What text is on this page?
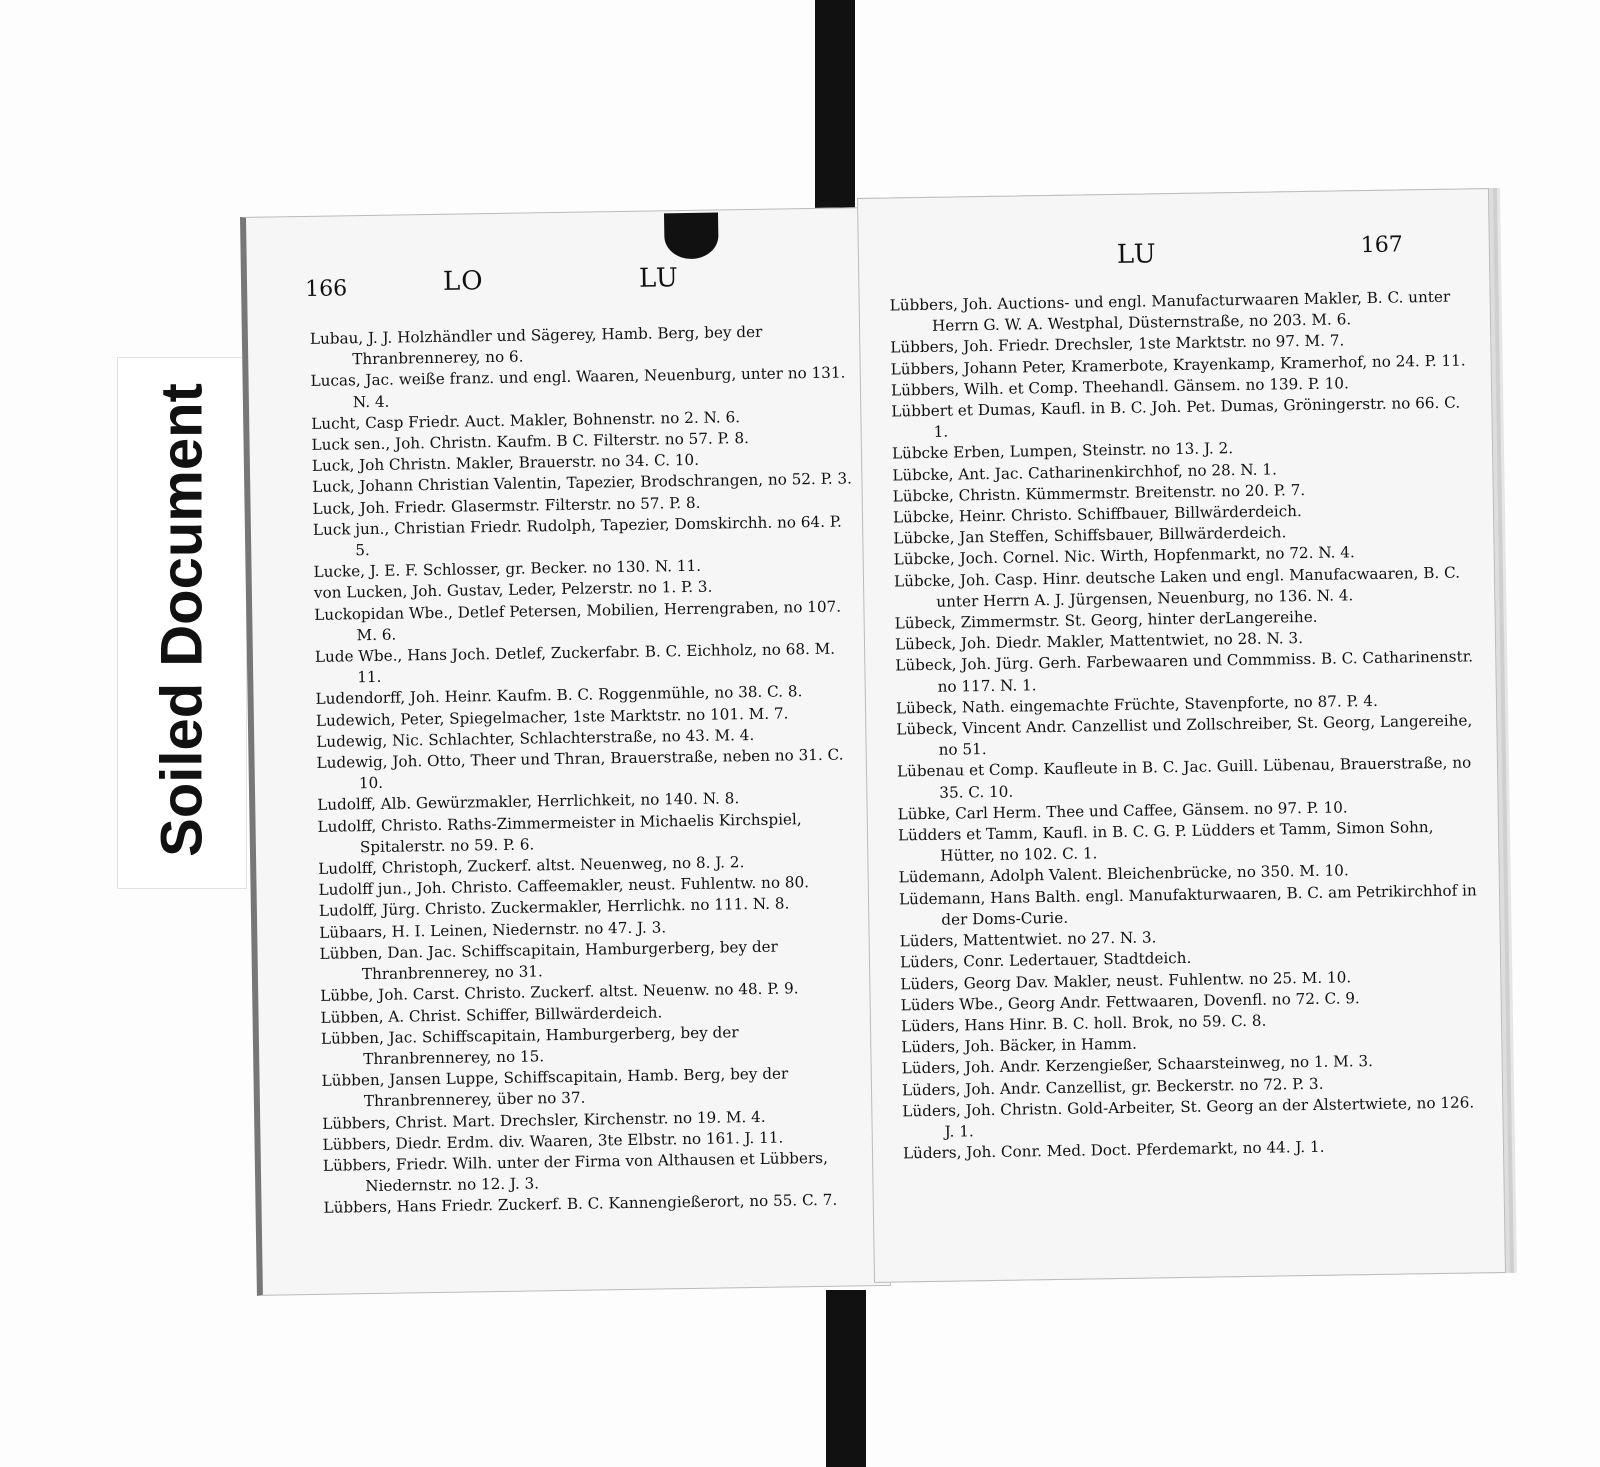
Soiled Document
166	LO	LU
Lubau, J. J. Holzhändler und Sägerey, Hamb. Berg, bey der Thranbrennerey, no 6.
Lucas, Jac. weiße franz. und engl. Waaren, Neuenburg, unter no 131. N. 4.
Lucht, Casp Friedr. Auct. Makler, Bohnenstr. no 2. N. 6.
Luck sen., Joh. Christn. Kaufm. B C. Filterstr. no 57. P. 8.
Luck, Joh Christn. Makler, Brauerstr. no 34. C. 10.
Luck, Johann Christian Valentin, Tapezier, Brodschrangen, no 52. P. 3.
Luck, Joh. Friedr. Glasermstr. Filterstr. no 57. P. 8.
Luck jun., Christian Friedr. Rudolph, Tapezier, Domskirchh. no 64. P. 5.
Lucke, J. E. F. Schlosser, gr. Becker. no 130. N. 11.
von Lucken, Joh. Gustav, Leder, Pelzerstr. no 1. P. 3.
Luckopidan Wbe., Detlef Petersen, Mobilien, Herrengraben, no 107. M. 6.
Lude Wbe., Hans Joch. Detlef, Zuckerfabr. B. C. Eichholz, no 68. M. 11.
Ludendorff, Joh. Heinr. Kaufm. B. C. Roggenmühle, no 38. C. 8.
Ludewich, Peter, Spiegelmacher, 1ste Marktstr. no 101. M. 7.
Ludewig, Nic. Schlachter, Schlachterstraße, no 43. M. 4.
Ludewig, Joh. Otto, Theer und Thran, Brauerstraße, neben no 31. C. 10.
Ludolff, Alb. Gewürzmakler, Herrlichkeit, no 140. N. 8.
Ludolff, Christo. Raths-Zimmermeister in Michaelis Kirchspiel, Spitalerstr. no 59. P. 6.
Ludolff, Christoph, Zuckerf. altst. Neuenweg, no 8. J. 2.
Ludolff jun., Joh. Christo. Caffeemakler, neust. Fuhlentw. no 80.
Ludolff, Jürg. Christo. Zuckermakler, Herrlichk. no 111. N. 8.
Lübaars, H. I. Leinen, Niedernstr. no 47. J. 3.
Lübben, Dan. Jac. Schiffscapitain, Hamburgerberg, bey der Thranbrennerey, no 31.
Lübbe, Joh. Carst. Christo. Zuckerf. altst. Neuenw. no 48. P. 9.
Lübben, A. Christ. Schiffer, Billwärderdeich.
Lübben, Jac. Schiffscapitain, Hamburgerberg, bey der Thranbrennerey, no 15.
Lübben, Jansen Luppe, Schiffscapitain, Hamb. Berg, bey der Thranbrennerey, über no 37.
Lübbers, Christ. Mart. Drechsler, Kirchenstr. no 19. M. 4.
Lübbers, Diedr. Erdm. div. Waaren, 3te Elbstr. no 161. J. 11.
Lübbers, Friedr. Wilh. unter der Firma von Althausen et Lübbers, Niedernstr. no 12. J. 3.
Lübbers, Hans Friedr. Zuckerf. B. C. Kannengießerort, no 55. C. 7.
LU	167
Lübbers, Joh. Auctions- und engl. Manufacturwaaren Makler, B. C. unter Herrn G. W. A. Westphal, Düsternstraße, no 203. M. 6.
Lübbers, Joh. Friedr. Drechsler, 1ste Marktstr. no 97. M. 7.
Lübbers, Johann Peter, Kramerbote, Krayenkamp, Kramerhof, no 24. P. 11.
Lübbers, Wilh. et Comp. Theehandl. Gänsem. no 139. P. 10.
Lübbert et Dumas, Kaufl. in B. C. Joh. Pet. Dumas, Gröningerstr. no 66. C. 1.
Lübcke Erben, Lumpen, Steinstr. no 13. J. 2.
Lübcke, Ant. Jac. Catharinenkirchhof, no 28. N. 1.
Lübcke, Christn. Kümmermstr. Breitenstr. no 20. P. 7.
Lübcke, Heinr. Christo. Schiffbauer, Billwärderdeich.
Lübcke, Jan Steffen, Schiffsbauer, Billwärderdeich.
Lübcke, Joch. Cornel. Nic. Wirth, Hopfenmarkt, no 72. N. 4.
Lübcke, Joh. Casp. Hinr. deutsche Laken und engl. Manufacwaaren, B. C. unter Herrn A. J. Jürgensen, Neuenburg, no 136. N. 4.
Lübeck, Zimmermstr. St. Georg, hinter derLangereihe.
Lübeck, Joh. Diedr. Makler, Mattentwiet, no 28. N. 3.
Lübeck, Joh. Jürg. Gerh. Farbewaaren und Commmiss. B. C. Catharinenstr. no 117. N. 1.
Lübeck, Nath. eingemachte Früchte, Stavenpforte, no 87. P. 4.
Lübeck, Vincent Andr. Canzellist und Zollschreiber, St. Georg, Langereihe, no 51.
Lübenau et Comp. Kaufleute in B. C. Jac. Guill. Lübenau, Brauerstraße, no 35. C. 10.
Lübke, Carl Herm. Thee und Caffee, Gänsem. no 97. P. 10.
Lüdders et Tamm, Kaufl. in B. C. G. P. Lüdders et Tamm, Simon Sohn, Hütter, no 102. C. 1.
Lüdemann, Adolph Valent. Bleichenbrücke, no 350. M. 10.
Lüdemann, Hans Balth. engl. Manufakturwaaren, B. C. am Petrikirchhof in der Doms-Curie.
Lüders, Mattentwiet. no 27. N. 3.
Lüders, Conr. Ledertauer, Stadtdeich.
Lüders, Georg Dav. Makler, neust. Fuhlentw. no 25. M. 10.
Lüders Wbe., Georg Andr. Fettwaaren, Dovenfl. no 72. C. 9.
Lüders, Hans Hinr. B. C. holl. Brok, no 59. C. 8.
Lüders, Joh. Bäcker, in Hamm.
Lüders, Joh. Andr. Kerzengießer, Schaarsteinweg, no 1. M. 3.
Lüders, Joh. Andr. Canzellist, gr. Beckerstr. no 72. P. 3.
Lüders, Joh. Christn. Gold-Arbeiter, St. Georg an der Alstertwiete, no 126. J. 1.
Lüders, Joh. Conr. Med. Doct. Pferdemarkt, no 44. J. 1.
